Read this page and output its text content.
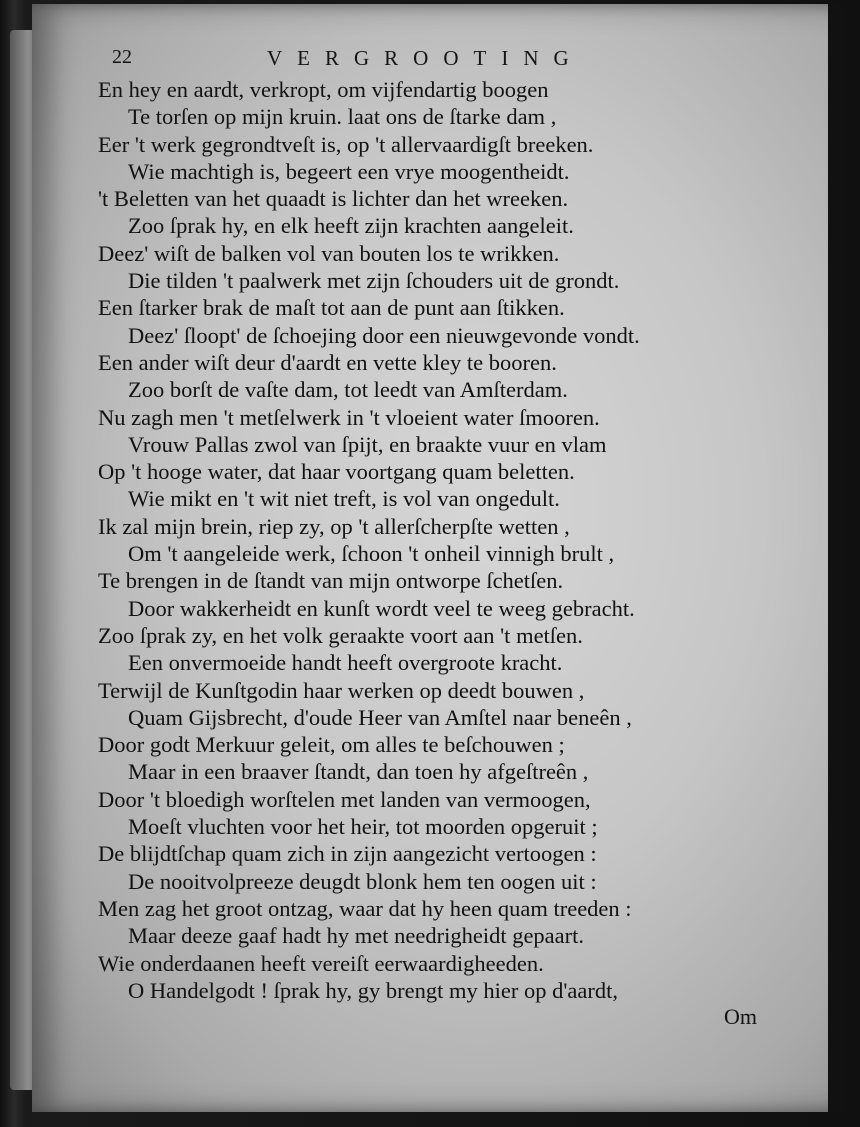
22	VERGROOTING
En hey en aardt, verkropt, om vijfendartig boogen
Te torſen op mijn kruin. laat ons de ſtarke dam ,
Eer 't werk gegrondtveſt is, op 't allervaardigſt breeken.
Wie machtigh is, begeert een vrye moogentheidt.
't Beletten van het quaadt is lichter dan het wreeken.
Zoo ſprak hy, en elk heeft zijn krachten aangeleit.
Deez' wiſt de balken vol van bouten los te wrikken.
Die tilden 't paalwerk met zijn ſchouders uit de grondt.
Een ſtarker brak de maſt tot aan de punt aan ſtikken.
Deez' ſloopt' de ſchoejing door een nieuwgevonde vondt.
Een ander wiſt deur d'aardt en vette kley te booren.
Zoo borſt de vaſte dam, tot leedt van Amſterdam.
Nu zagh men 't metſelwerk in 't vloeient water ſmooren.
Vrouw Pallas zwol van ſpijt, en braakte vuur en vlam
Op 't hooge water, dat haar voortgang quam beletten.
Wie mikt en 't wit niet treft, is vol van ongedult.
Ik zal mijn brein, riep zy, op 't allerſcherpſte wetten ,
Om 't aangeleide werk, ſchoon 't onheil vinnigh brult ,
Te brengen in de ſtandt van mijn ontworpe ſchetſen.
Door wakkerheidt en kunſt wordt veel te weeg gebracht.
Zoo ſprak zy, en het volk geraakte voort aan 't metſen.
Een onvermoeide handt heeft overgroote kracht.
Terwijl de Kunſtgodin haar werken op deedt bouwen ,
Quam Gijsbrecht, d'oude Heer van Amſtel naar beneên ,
Door godt Merkuur geleit, om alles te beſchouwen ;
Maar in een braaver ſtandt, dan toen hy afgeſtreên ,
Door 't bloedigh worſtelen met landen van vermoogen,
Moeſt vluchten voor het heir, tot moorden opgeruit ;
De blijdtſchap quam zich in zijn aangezicht vertoogen :
De nooitvolpreeze deugdt blonk hem ten oogen uit :
Men zag het groot ontzag, waar dat hy heen quam treeden :
Maar deeze gaaf hadt hy met needrigheidt gepaart.
Wie onderdaanen heeft vereiſt eerwaardigheeden.
O Handelgodt ! ſprak hy, gy brengt my hier op d'aardt,
Om
